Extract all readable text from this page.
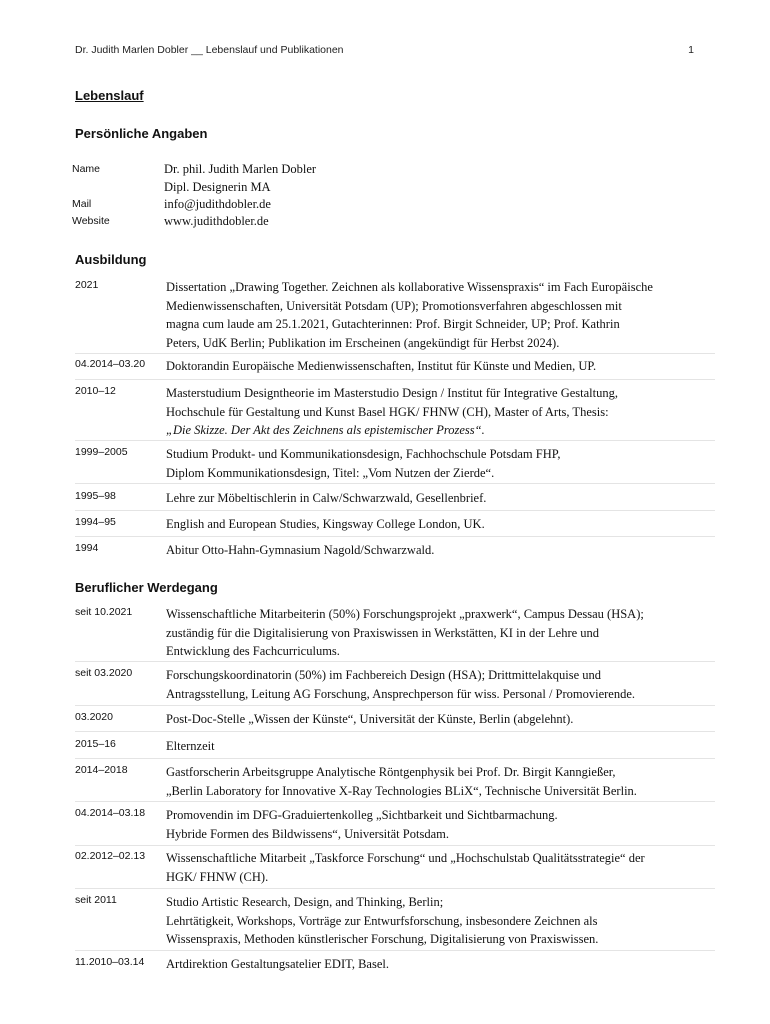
Dr. Judith Marlen Dobler __ Lebenslauf und Publikationen	1
Lebenslauf
Persönliche Angaben
Name	Dr. phil. Judith Marlen Dobler
Dipl. Designerin MA
Mail	info@judithdobler.de
Website	www.judithdobler.de
Ausbildung
2021	Dissertation „Drawing Together. Zeichnen als kollaborative Wissenspraxis“ im Fach Europäische
Medienwissenschaften, Universität Potsdam (UP); Promotionsverfahren abgeschlossen mit
magna cum laude am 25.1.2021, Gutachterinnen: Prof. Birgit Schneider, UP; Prof. Kathrin
Peters, UdK Berlin; Publikation im Erscheinen (angekündigt für Herbst 2024).
04.2014–03.20	Doktorandin Europäische Medienwissenschaften, Institut für Künste und Medien, UP.
2010–12	Masterstudium Designtheorie im Masterstudio Design / Institut für Integrative Gestaltung,
Hochschule für Gestaltung und Kunst Basel HGK/ FHNW (CH), Master of Arts, Thesis:
„Die Skizze. Der Akt des Zeichnens als epistemischer Prozess“.
1999–2005	Studium Produkt- und Kommunikationsdesign, Fachhochschule Potsdam FHP,
Diplom Kommunikationsdesign, Titel: „Vom Nutzen der Zierde“.
1995–98	Lehre zur Möbeltischlerin in Calw/Schwarzwald, Gesellenbrief.
1994–95	English and European Studies, Kingsway College London, UK.
1994	Abitur Otto-Hahn-Gymnasium Nagold/Schwarzwald.
Beruflicher Werdegang
seit 10.2021	Wissenschaftliche Mitarbeiterin (50%) Forschungsprojekt „praxwerk“, Campus Dessau (HSA);
zuständig für die Digitalisierung von Praxiswissen in Werkstätten, KI in der Lehre und
Entwicklung des Fachcurriculums.
seit 03.2020	Forschungskoordinatorin (50%) im Fachbereich Design (HSA); Drittmittelakquise und
Antragsstellung, Leitung AG Forschung, Ansprechperson für wiss. Personal / Promovierende.
03.2020	Post-Doc-Stelle „Wissen der Künste“, Universität der Künste, Berlin (abgelehnt).
2015–16	Elternzeit
2014–2018	Gastforscherin Arbeitsgruppe Analytische Röntgenphysik bei Prof. Dr. Birgit Kanngießer,
„Berlin Laboratory for Innovative X-Ray Technologies BLiX“, Technische Universität Berlin.
04.2014–03.18	Promovendin im DFG-Graduiertenkolleg „Sichtbarkeit und Sichtbarmachung.
Hybride Formen des Bildwissens“, Universität Potsdam.
02.2012–02.13	Wissenschaftliche Mitarbeit „Taskforce Forschung“ und „Hochschulstab Qualitätsstrategie“ der
HGK/ FHNW (CH).
seit 2011	Studio Artistic Research, Design, and Thinking, Berlin;
Lehrtätigkeit, Workshops, Vorträge zur Entwurfsforschung, insbesondere Zeichnen als
Wissenspraxis, Methoden künstlerischer Forschung, Digitalisierung von Praxiswissen.
11.2010–03.14	Artdirektion Gestaltungsatelier EDIT, Basel.
